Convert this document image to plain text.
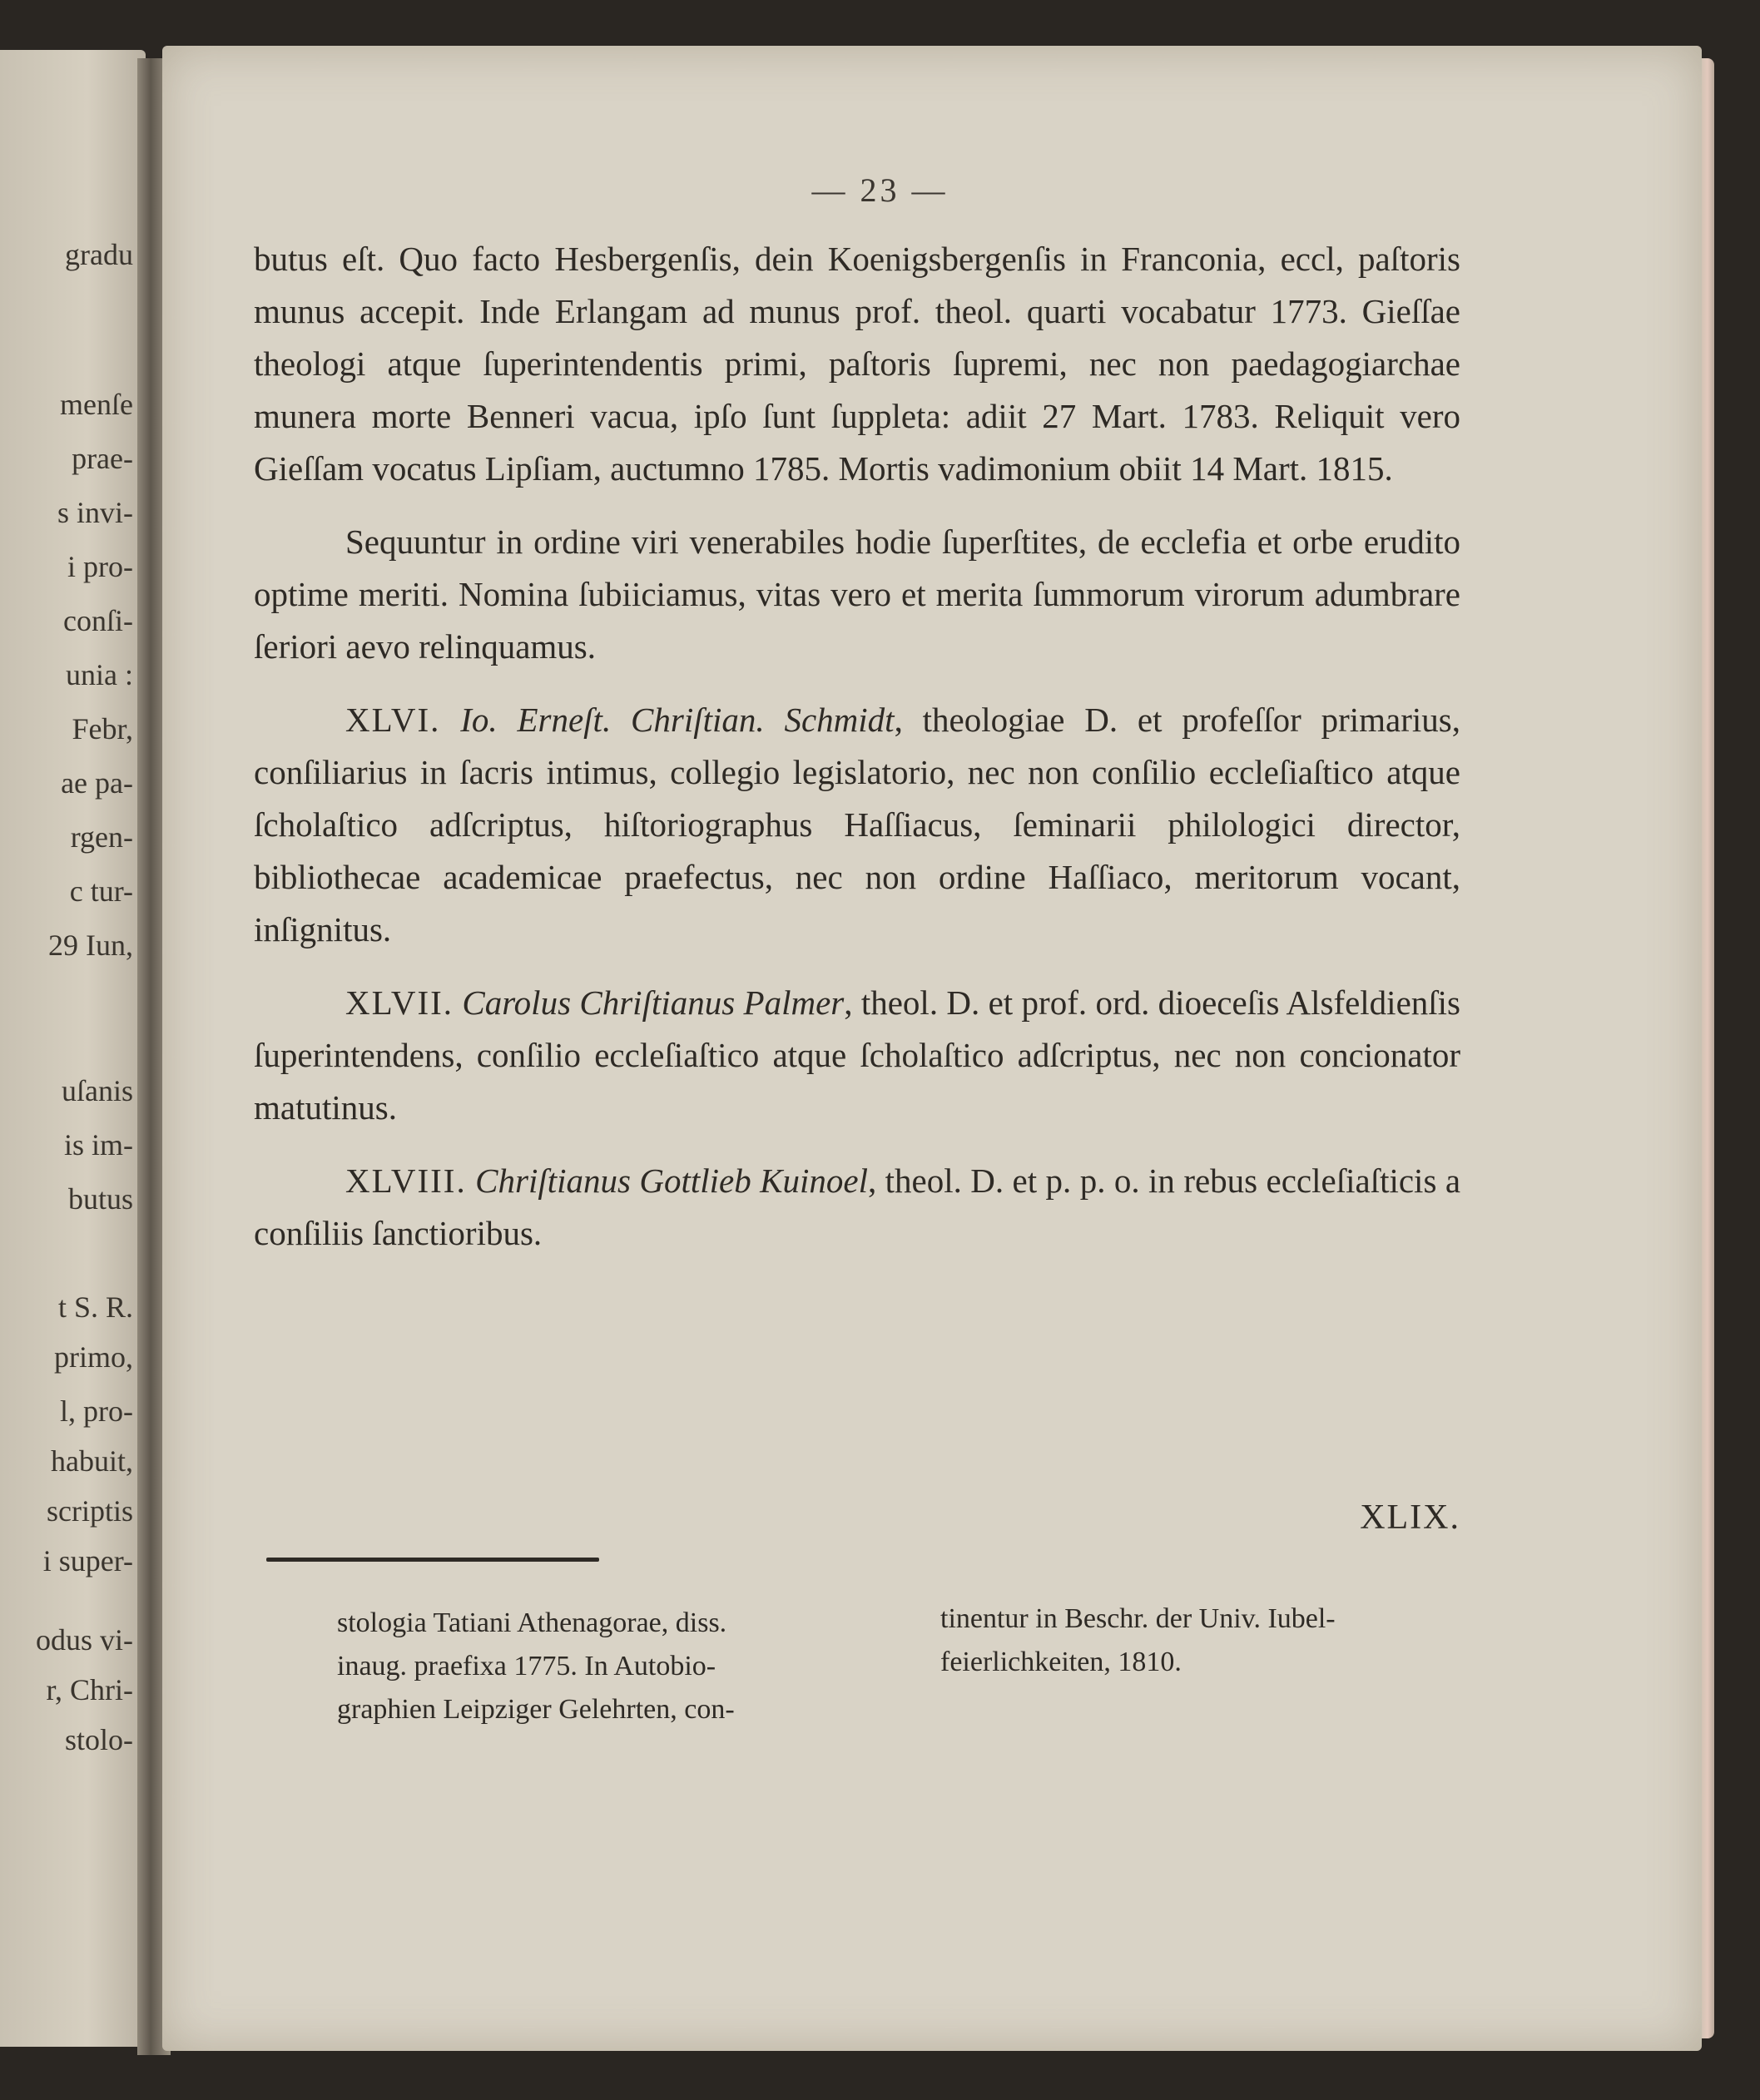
gradu
menſe
praе-
s invi-
i pro-
conſi-
unia :
Febr,
ae pa-
rgen-
c tur-
29 Iun,
uſanis
is im-
butus
t S. R.
primo,
l, pro-
habuit,
scriptis
i super-
odus vi-
r, Chri-
stolo-
— 23 —

butus eſt. Quo facto Hesbergenſis, dein Koenigsbergenſis in Franconia, eccl, paſtoris munus accepit. Inde Erlangam ad munus prof. theol. quarti vocabatur 1773. Gieſſae theologi atque ſuperintendentis primi, paſtoris ſupremi, nec non paedagogiarchae munera morte Benneri vacua, ipſo ſunt ſuppleta: adiit 27 Mart. 1783. Reliquit vero Gieſſam vocatus Lipſiam, auctumno 1785. Mortis vadimonium obiit 14 Mart. 1815.

Sequuntur in ordine viri venerabiles hodie ſuperſtites, de ecclefia et orbe erudito optime meriti. Nomina ſubiiciamus, vitas vero et merita ſummorum virorum adumbrare ſeriori aevo relinquamus.

XLVI. Io. Erneſt. Chriſtian. Schmidt, theologiae D. et profeſſor primarius, conſiliarius in ſacris intimus, collegio legislatorio, nec non conſilio eccleſiaſtico atque ſcholaſtico adſcriptus, hiſtoriographus Haſſiacus, ſeminarii philologici director, bibliothecae academicae praefectus, nec non ordine Haſſiaco, meritorum vocant, inſignitus.

XLVII. Carolus Chriſtianus Palmer, theol. D. et prof. ord. dioeceſis Alsfeldienſis ſuperintendens, conſilio eccleſiaſtico atque ſcholaſtico adſcriptus, nec non concionator matutinus.

XLVIII. Chriſtianus Gottlieb Kuinoel, theol. D. et p. p. o. in rebus eccleſiaſticis a conſiliis ſanctioribus.

XLIX.
stologia Tatiani Athenagorae, diss.
inaug. praefixa 1775. In Autobio-
graphien Leipziger Gelehrten, con-
tinentur in Beschr. der Univ. Iubel-
feierlichkeiten, 1810.
